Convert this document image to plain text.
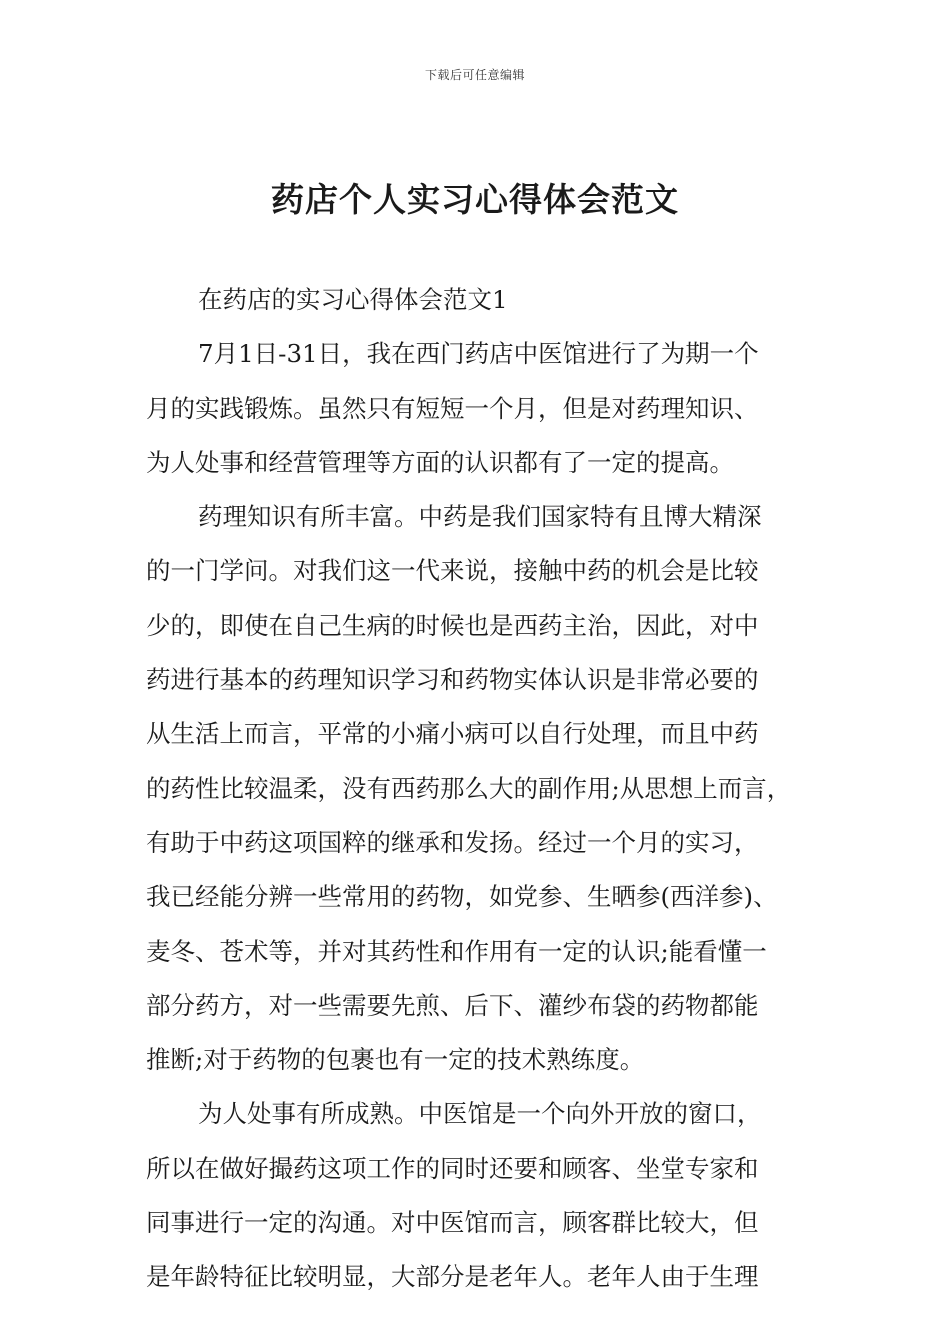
下载后可任意编辑
药店个人实习心得体会范文
在药店的实习心得体会范文1
7月1日-31日，我在西门药店中医馆进行了为期一个
月的实践锻炼。虽然只有短短一个月，但是对药理知识、
为人处事和经营管理等方面的认识都有了一定的提高。
药理知识有所丰富。中药是我们国家特有且博大精深
的一门学问。对我们这一代来说，接触中药的机会是比较
少的，即使在自己生病的时候也是西药主治，因此，对中
药进行基本的药理知识学习和药物实体认识是非常必要的
从生活上而言，平常的小痛小病可以自行处理，而且中药
的药性比较温柔，没有西药那么大的副作用;从思想上而言，
有助于中药这项国粹的继承和发扬。经过一个月的实习，
我已经能分辨一些常用的药物，如党参、生晒参(西洋参)、
麦冬、苍术等，并对其药性和作用有一定的认识;能看懂一
部分药方，对一些需要先煎、后下、灌纱布袋的药物都能
推断;对于药物的包裹也有一定的技术熟练度。
为人处事有所成熟。中医馆是一个向外开放的窗口，
所以在做好撮药这项工作的同时还要和顾客、坐堂专家和
同事进行一定的沟通。对中医馆而言，顾客群比较大，但
是年龄特征比较明显，大部分是老年人。老年人由于生理
